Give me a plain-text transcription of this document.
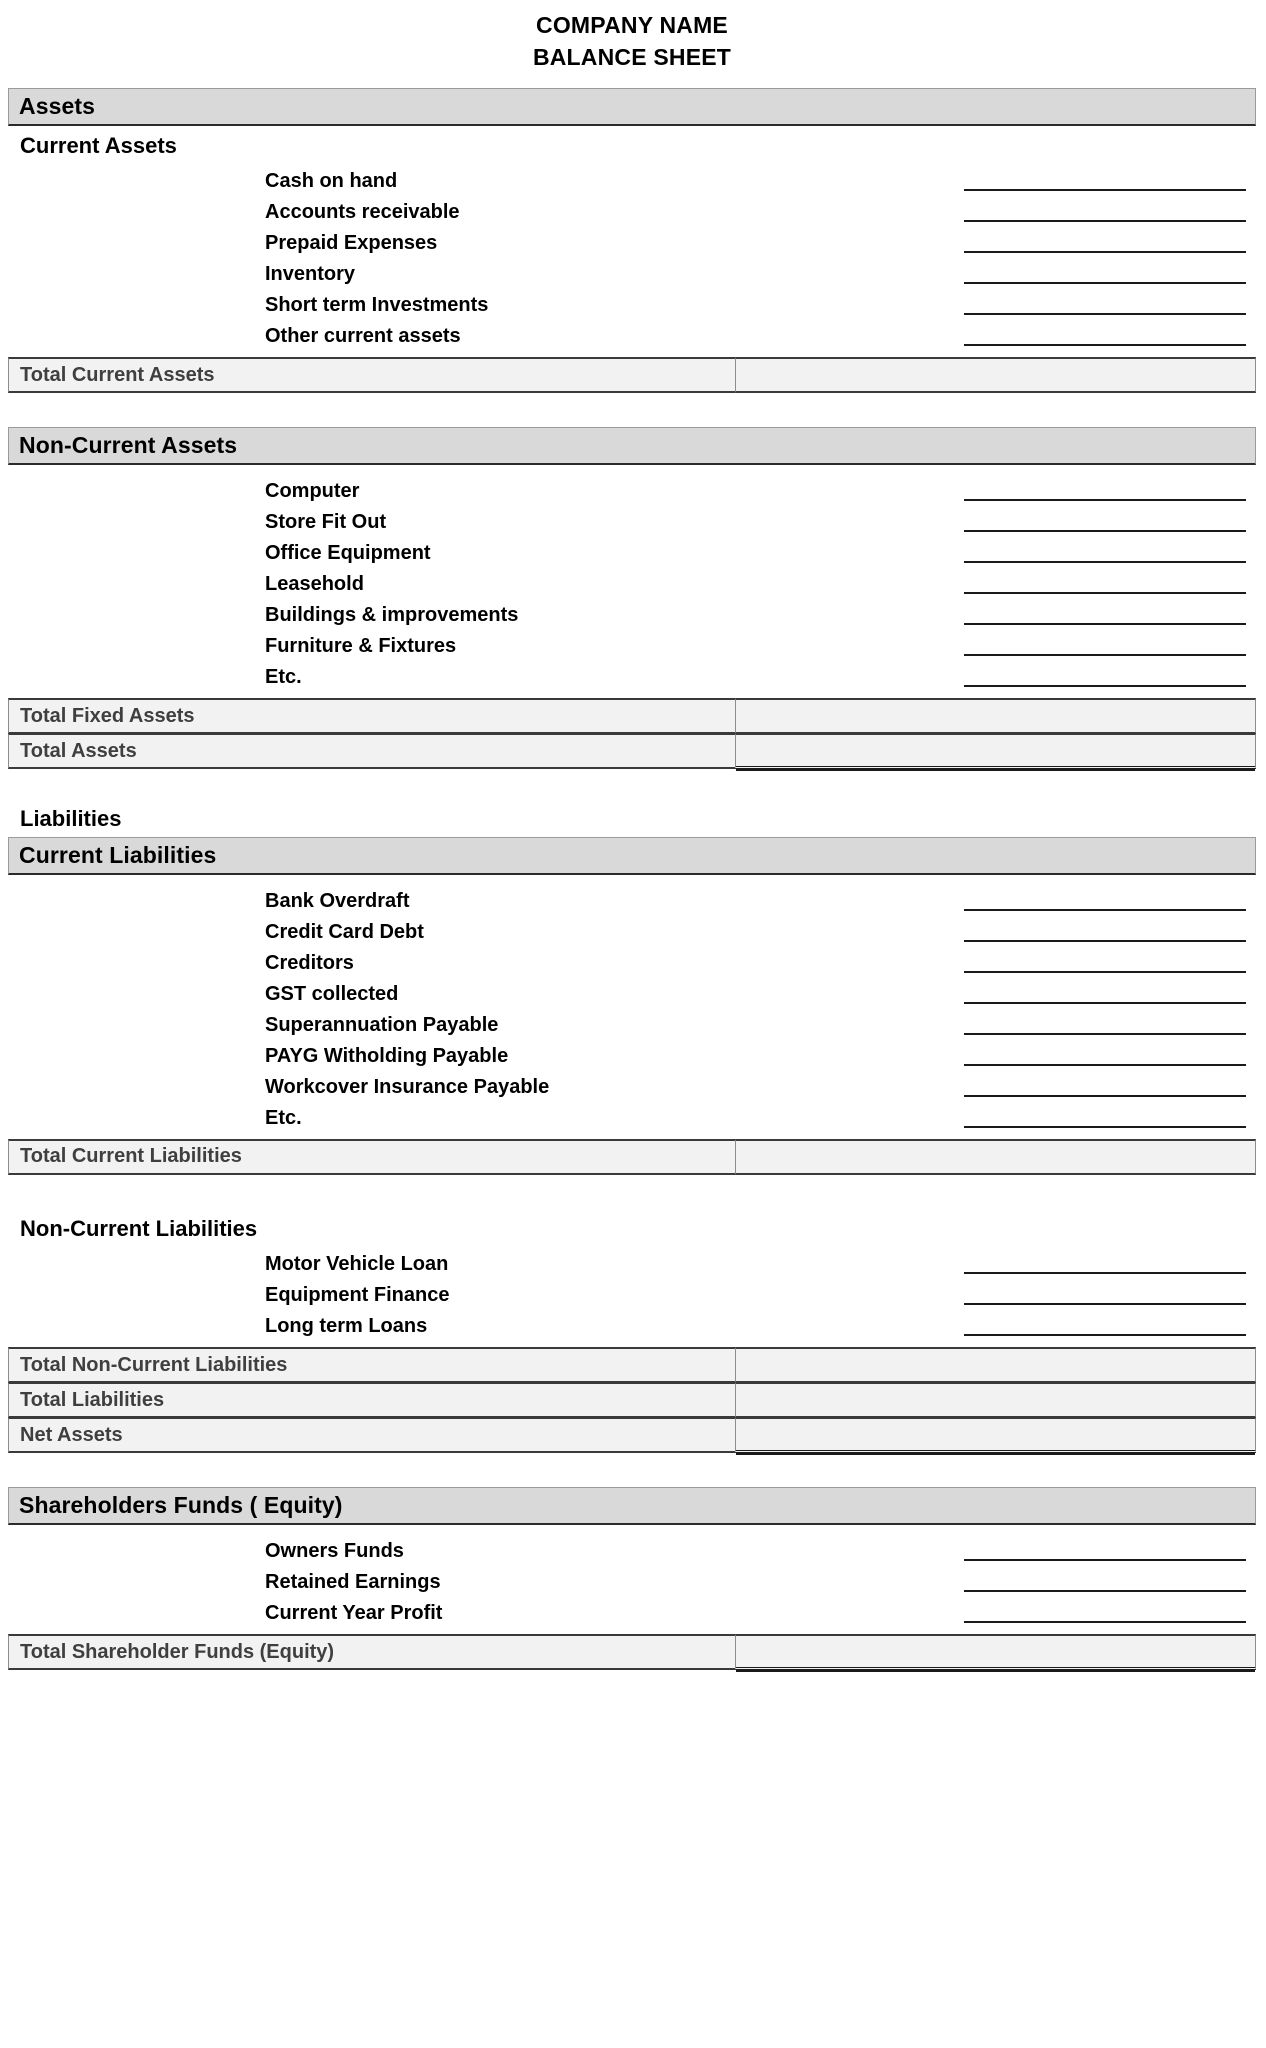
COMPANY NAME
BALANCE SHEET
Assets
Current Assets
Cash on hand
Accounts receivable
Prepaid Expenses
Inventory
Short term Investments
Other current assets
Total Current Assets
Non-Current Assets
Computer
Store Fit Out
Office Equipment
Leasehold
Buildings & improvements
Furniture & Fixtures
Etc.
Total Fixed Assets
Total Assets
Liabilities
Current Liabilities
Bank Overdraft
Credit Card Debt
Creditors
GST collected
Superannuation Payable
PAYG Witholding Payable
Workcover Insurance Payable
Etc.
Total Current Liabilities
Non-Current Liabilities
Motor Vehicle Loan
Equipment Finance
Long term Loans
Total Non-Current Liabilities
Total Liabilities
Net Assets
Shareholders Funds ( Equity)
Owners Funds
Retained Earnings
Current Year Profit
Total Shareholder Funds (Equity)
